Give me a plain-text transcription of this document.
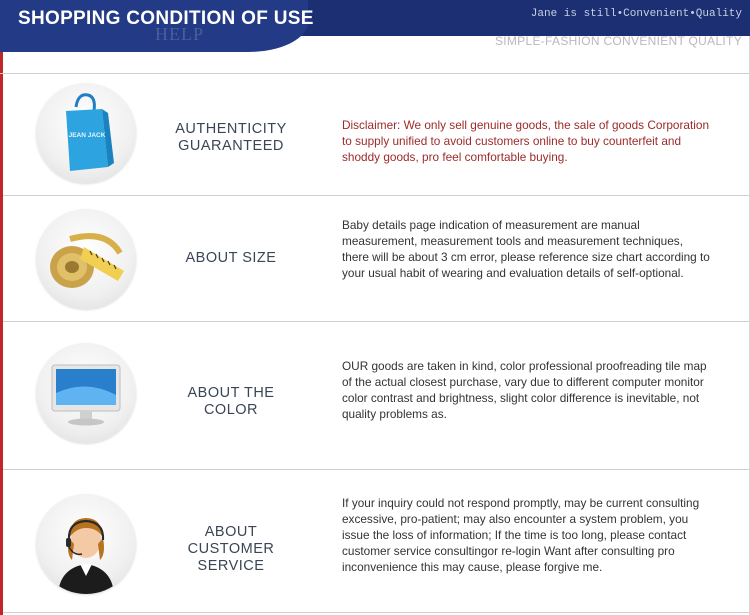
SHOPPING CONDITION OF USE
HELP
Jane is still•Convenient•Quality
SIMPLE-FASHION CONVENIENT QUALITY
JEAN JACK	AUTHENTICITY GUARANTEED
Disclaimer: We only sell genuine goods, the sale of goods Corporation to supply unified to avoid customers online to buy counterfeit and shoddy goods, pro feel comfortable buying.
ABOUT SIZE
Baby details page indication of measurement are manual measurement, measurement tools and measurement techniques, there will be about 3 cm error, please reference size chart according to your usual habit of wearing and evaluation details of self-optional.
ABOUT THE COLOR
OUR goods are taken in kind, color professional proofreading tile map of the actual closest purchase, vary due to different computer monitor color contrast and brightness, slight color difference is inevitable, not quality problems as.
ABOUT CUSTOMER SERVICE
If your inquiry could not respond promptly, may be current consulting excessive, pro-patient; may also encounter a system problem, you issue the loss of information; If the time is too long, please contact customer service consultingor re-login Want after consulting pro inconvenience this may cause, please forgive me.
